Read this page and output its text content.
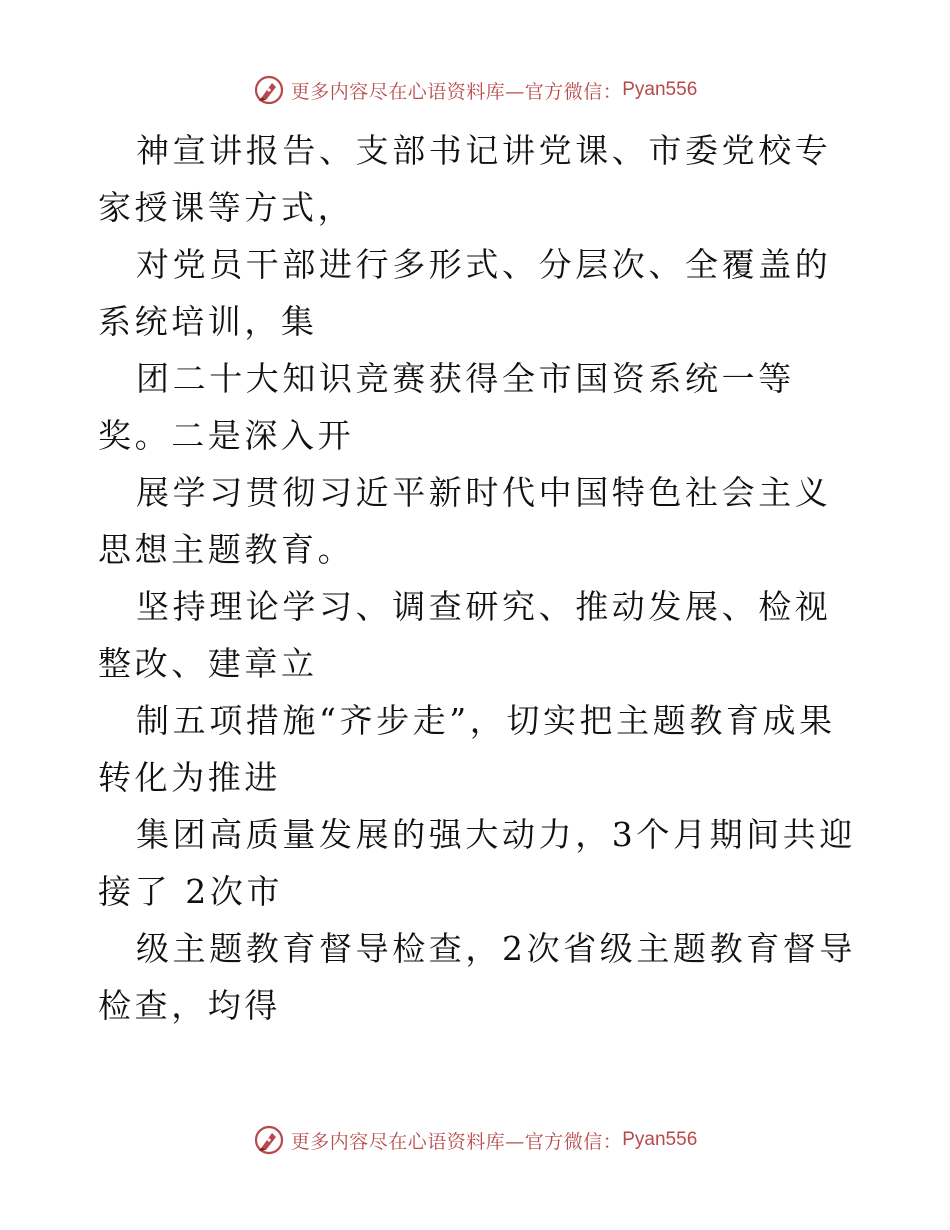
更多内容尽在心语资料库—官方微信： Pyan556

神宣讲报告、支部书记讲党课、市委党校专家授课等方式，

对党员干部进行多形式、分层次、全覆盖的系统培训，集

团二十大知识竞赛获得全市国资系统一等奖。二是深入开

展学习贯彻习近平新时代中国特色社会主义思想主题教育。

坚持理论学习、调查研究、推动发展、检视整改、建章立

制五项措施“齐步走”，切实把主题教育成果转化为推进

集团高质量发展的强大动力，3个月期间共迎接了 2次市

级主题教育督导检查，2次省级主题教育督导检查，均得

更多内容尽在心语资料库—官方微信： Pyan556
